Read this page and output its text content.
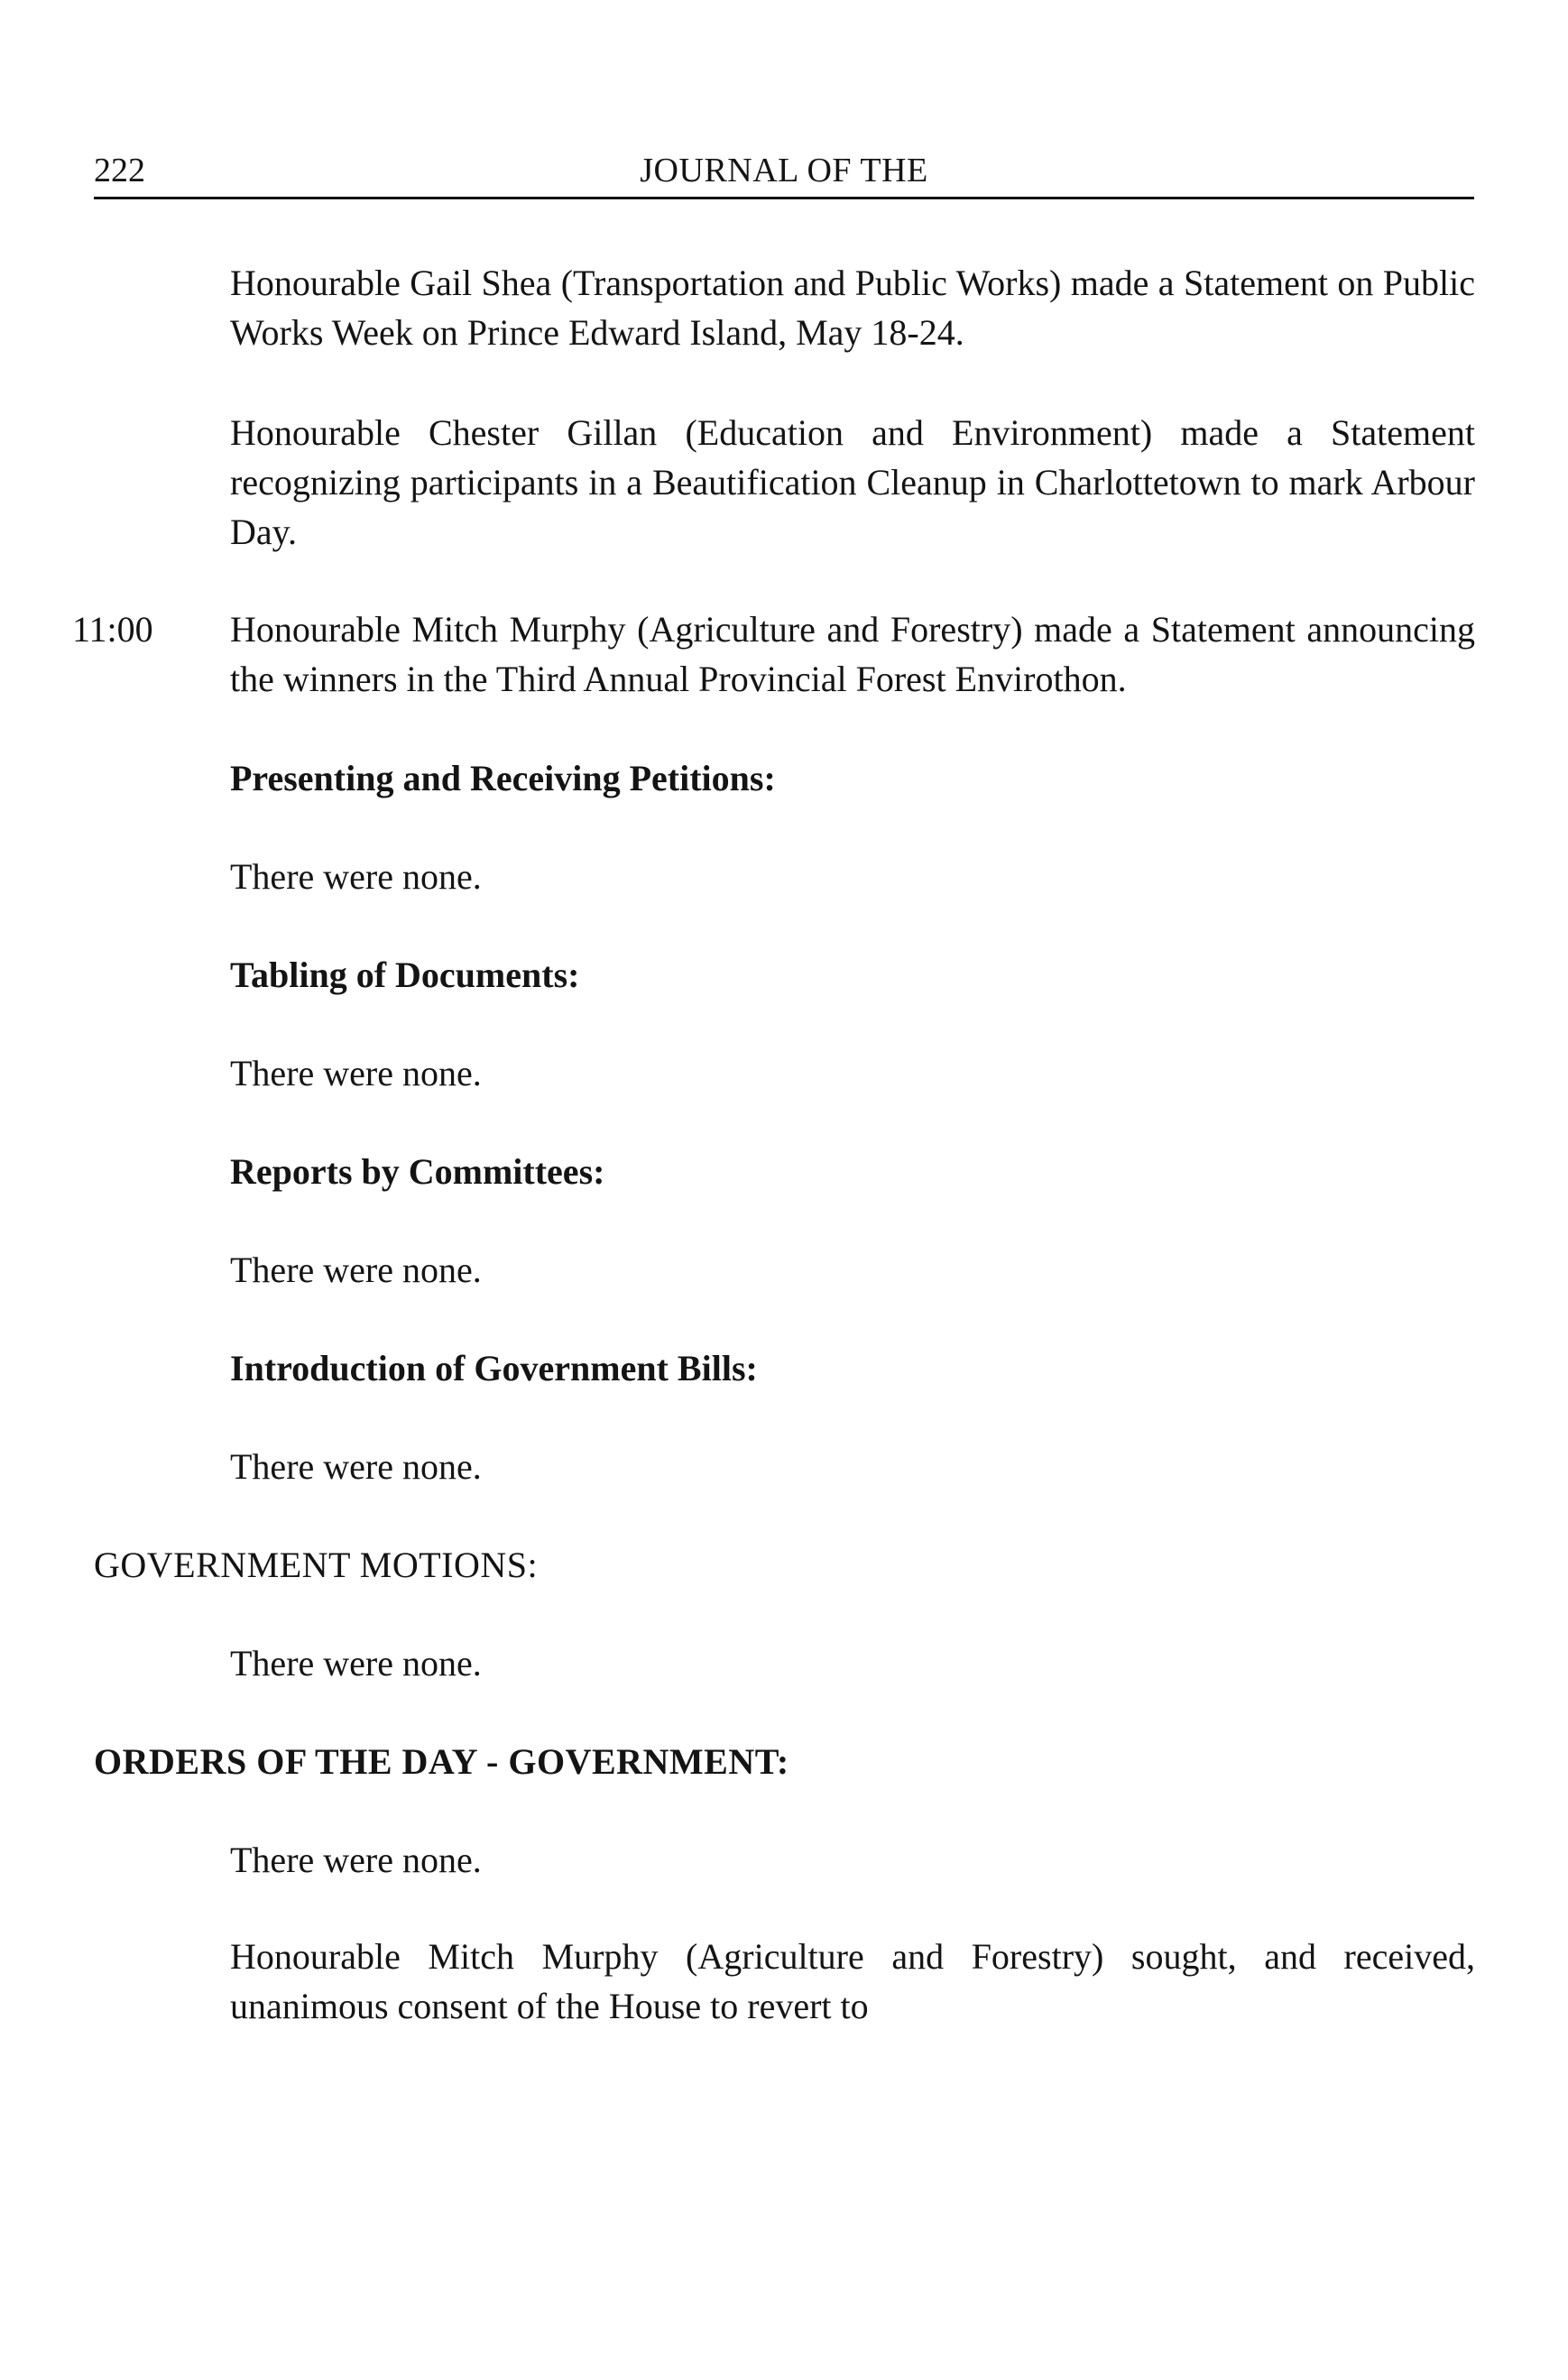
222	JOURNAL OF THE
Honourable Gail Shea (Transportation and Public Works) made a Statement on Public Works Week on Prince Edward Island, May 18-24.
Honourable Chester Gillan (Education and Environment) made a Statement recognizing participants in a Beautification Cleanup in Charlottetown to mark Arbour Day.
11:00 Honourable Mitch Murphy (Agriculture and Forestry) made a Statement announcing the winners in the Third Annual Provincial Forest Envirothon.
Presenting and Receiving Petitions:
There were none.
Tabling of Documents:
There were none.
Reports by Committees:
There were none.
Introduction of Government Bills:
There were none.
GOVERNMENT MOTIONS:
There were none.
ORDERS OF THE DAY - GOVERNMENT:
There were none.
Honourable Mitch Murphy (Agriculture and Forestry) sought, and received, unanimous consent of the House to revert to
